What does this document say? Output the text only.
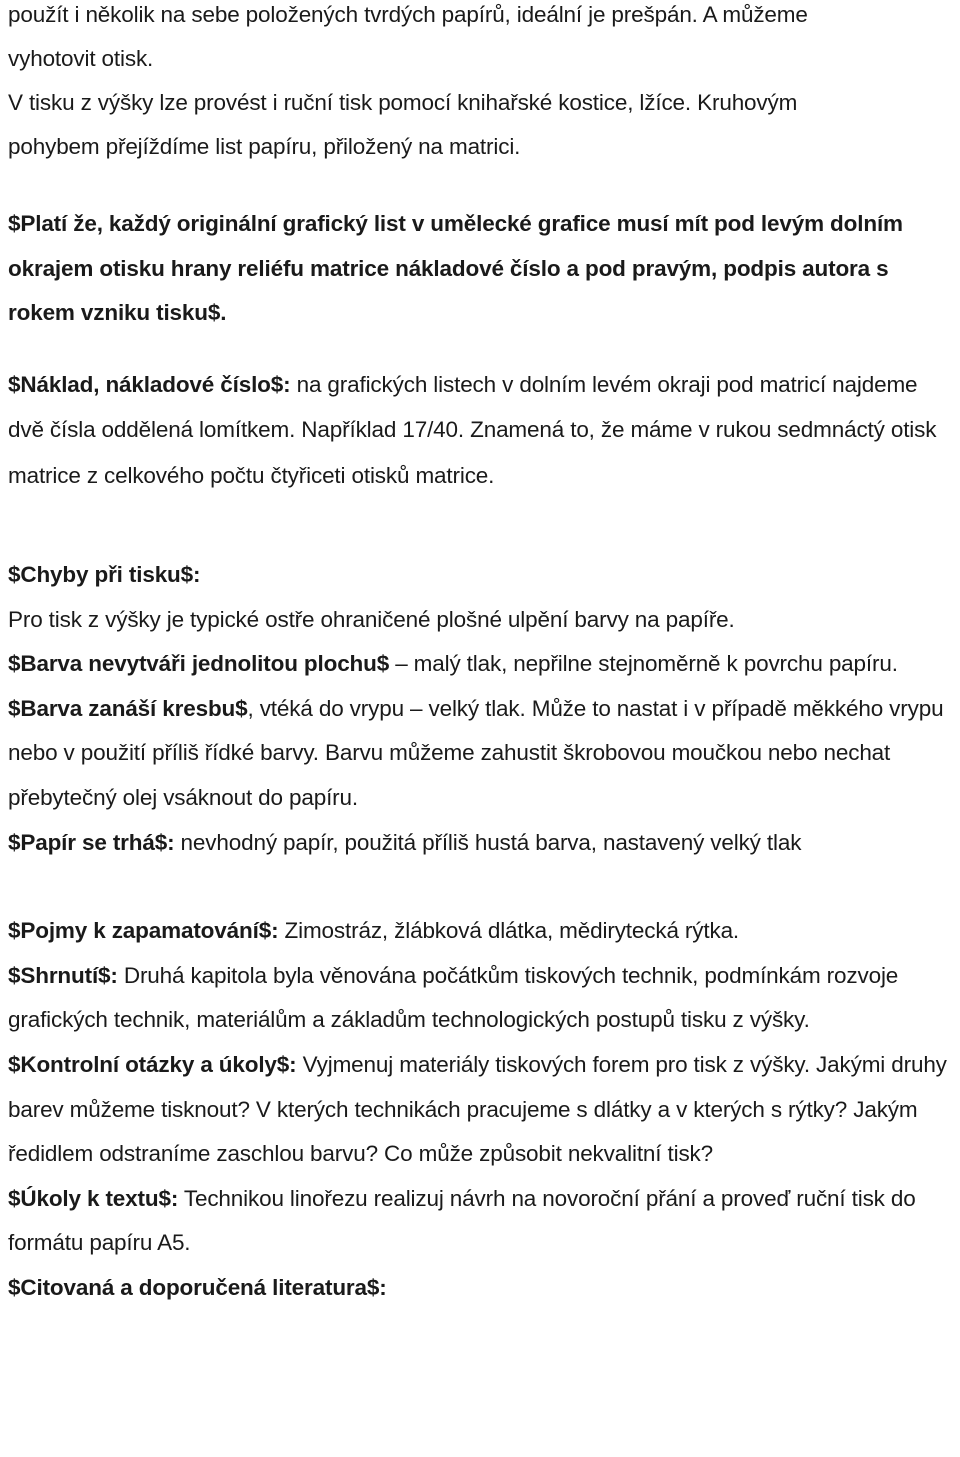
použít i několik na sebe položených tvrdých papírů, ideální je prešpán. A můžeme
vyhotovit otisk.
V tisku z výšky lze provést i ruční tisk pomocí knihařské kostice, lžíce. Kruhovým
pohybem přejíždíme list papíru, přiložený na matrici.

$Platí že, každý originální grafický list v umělecké grafice musí mít pod levým dolním okrajem otisku hrany reliéfu matrice nákladové číslo a pod pravým, podpis autora s rokem vzniku tisku$.

$Náklad, nákladové číslo$: na grafických listech v dolním levém okraji pod matricí najdeme dvě čísla oddělená lomítkem. Například 17/40. Znamená to, že máme v rukou sedmnáctý otisk matrice z celkového počtu čtyřiceti otisků matrice.

$Chyby při tisku$:
Pro tisk z výšky je typické ostře ohraničené plošné ulpění barvy na papíře.
$Barva nevytváři jednolitou plochu$ – malý tlak, nepřilne stejnoměrně k povrchu papíru.
$Barva zanáší kresbu$, vtéká do vrypu – velký tlak. Může to nastat i v případě měkkého vrypu nebo v použití příliš řídké barvy. Barvu můžeme zahustit škrobovou moučkou nebo nechat přebytečný olej vsáknout do papíru.
$Papír se trhá$: nevhodný papír, použitá příliš hustá barva, nastavený velký tlak
$Pojmy k zapamatování$: Zimostráz, žlábková dlátka, mědirytecká rýtka.
$Shrnutí$: Druhá kapitola byla věnována počátkům tiskových technik, podmínkám rozvoje grafických technik, materiálům a základům technologických postupů tisku z výšky.
$Kontrolní otázky a úkoly$: Vyjmenuj materiály tiskových forem pro tisk z výšky. Jakými druhy barev můžeme tisknout? V kterých technikách pracujeme s dlátky a v kterých s rýtky? Jakým ředidlem odstraníme zaschlou barvu? Co může způsobit nekvalitní tisk?
$Úkoly k textu$: Technikou linořezu realizuj návrh na novoroční přání a proveď ruční tisk do formátu papíru A5.
$Citovaná a doporučená literatura$:
